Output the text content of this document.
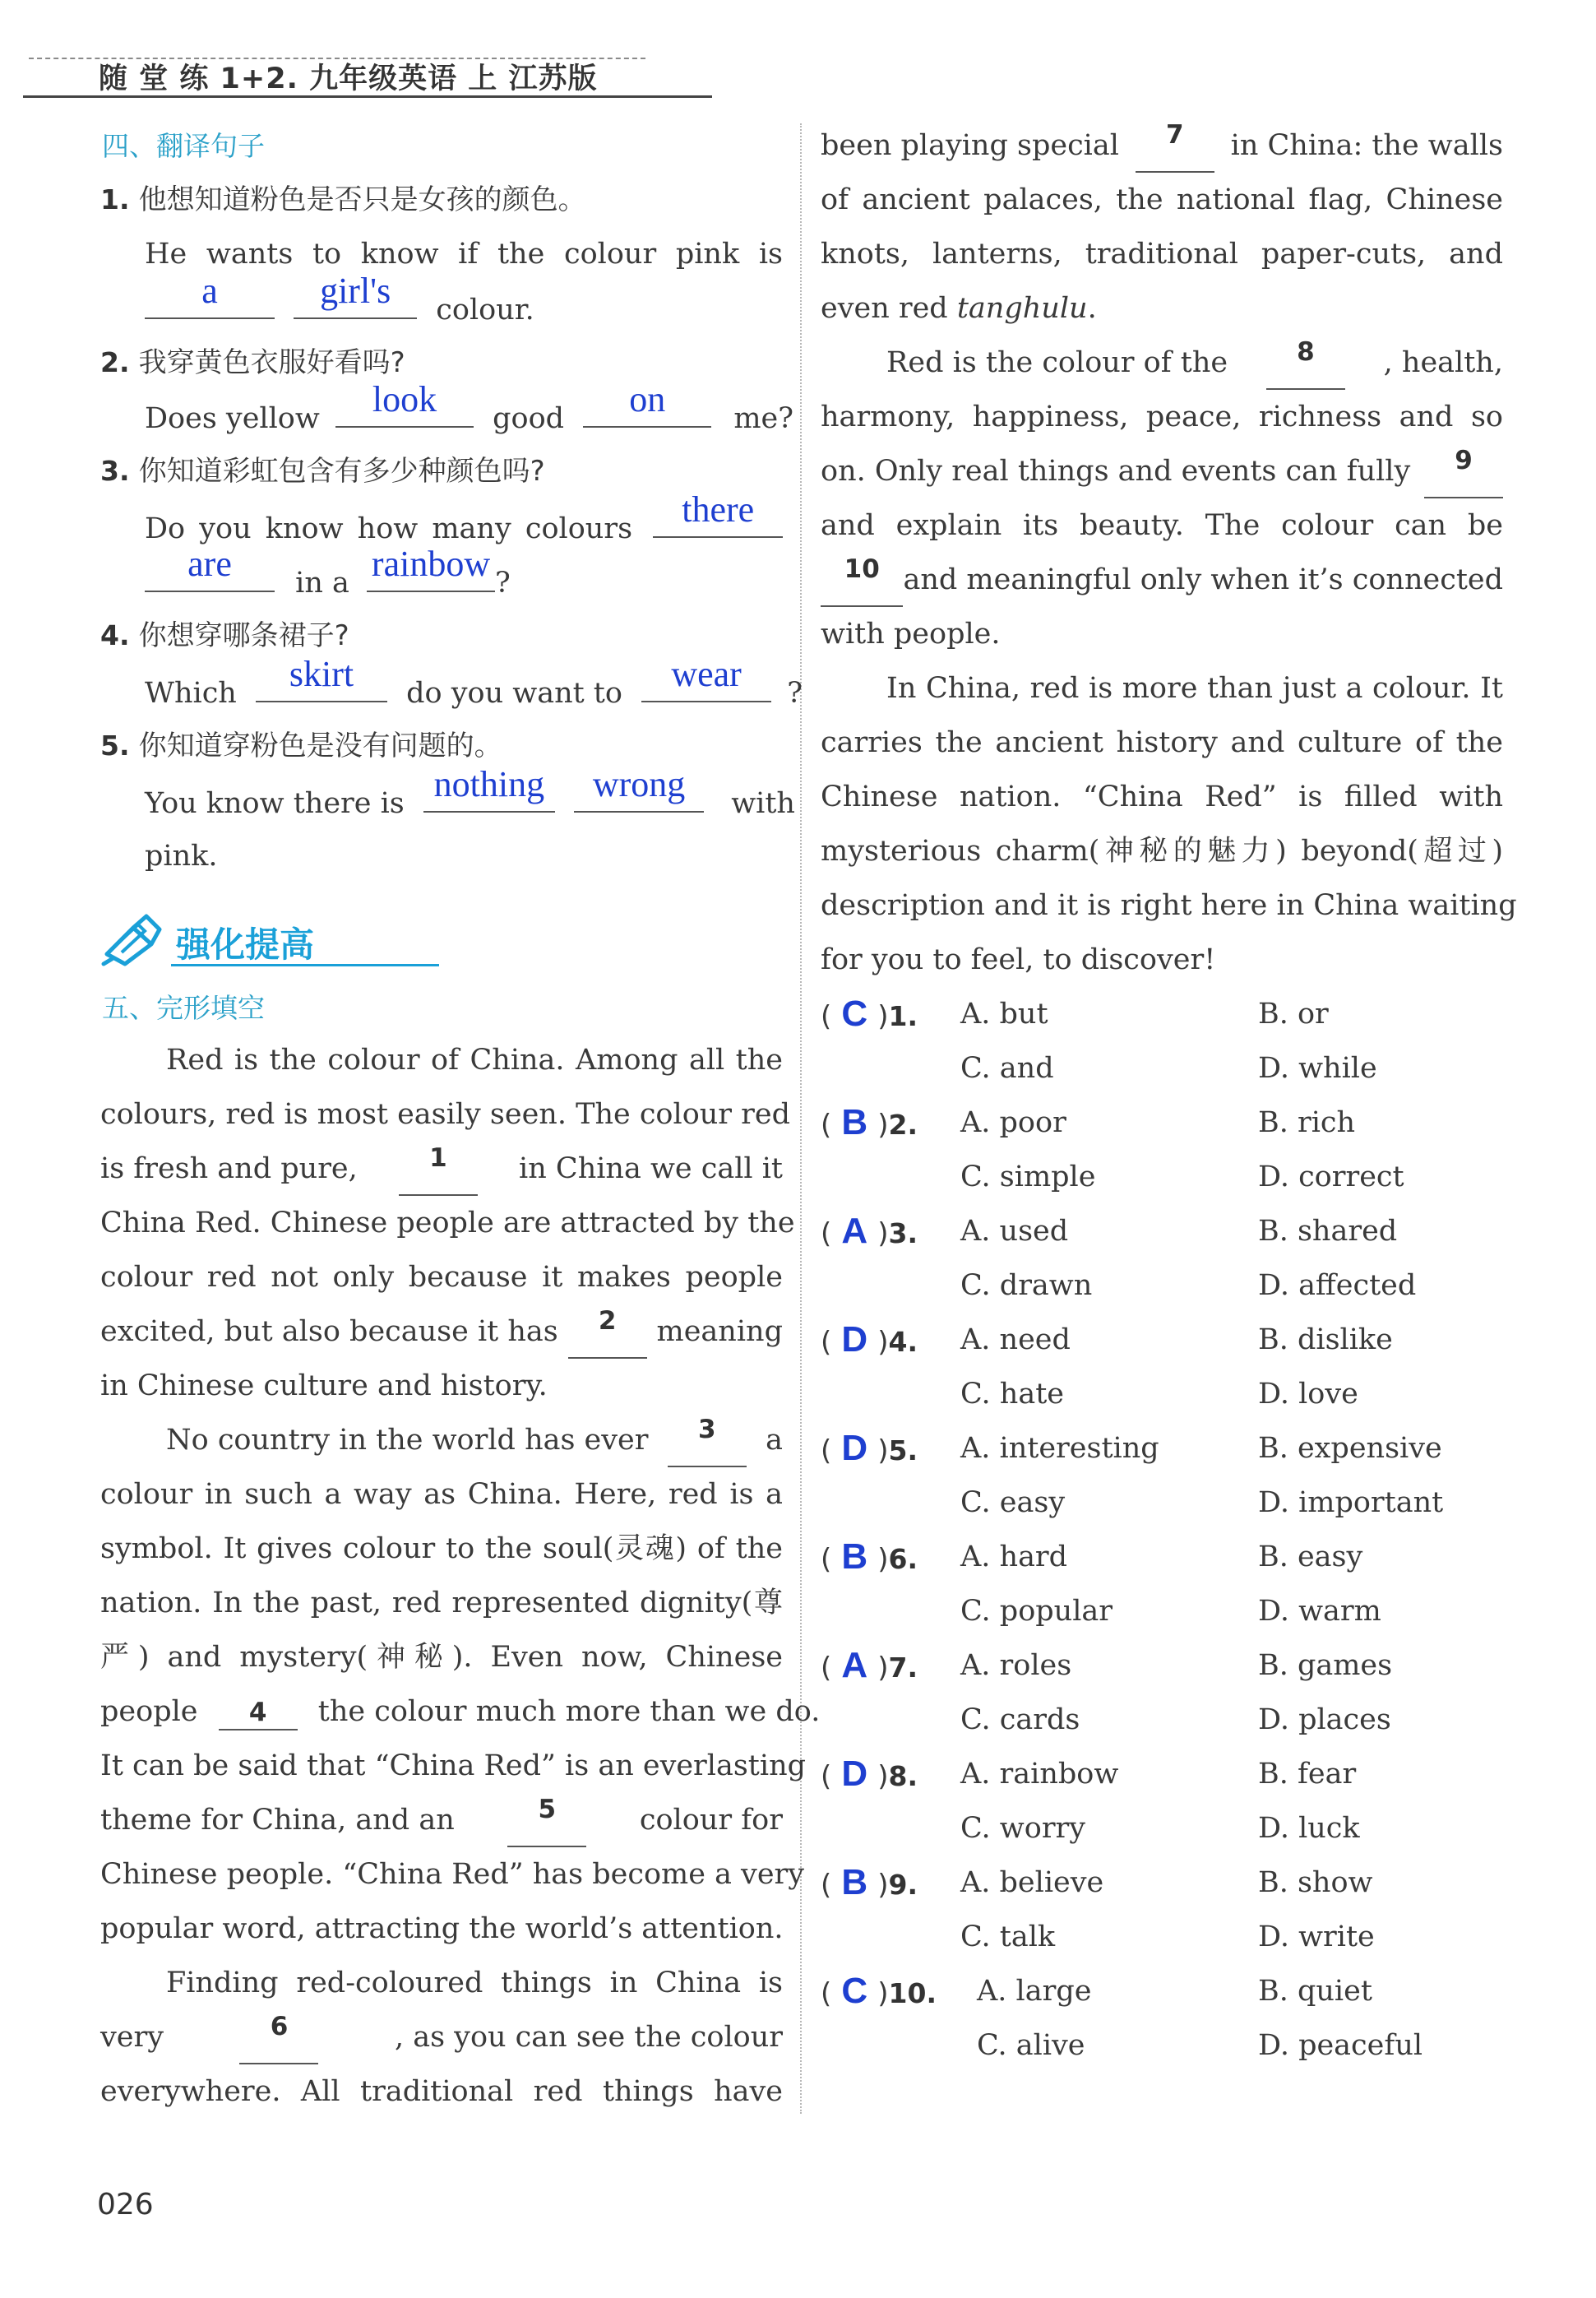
随 堂 练 1+2. 九年级英语 上 江苏版
四、翻译句子
1. 他想知道粉色是否只是女孩的颜色。
He wants to know if the colour pink is
a
	girl's	colour.
2. 我穿黄色衣服好看吗?
Does yellow	look	good	on	me?
3. 你知道彩虹包含有多少种颜色吗?
Do you know how many colours	there
are	in a rainbow ?
4. 你想穿哪条裙子?
Which	skirt	do you want to	wear	?
5. 你知道穿粉色是没有问题的。
You know there is nothing
	wrong	with
pink.
强化提高
五、完形填空
Red is the colour of China. Among all the
colours, red is most easily seen. The colour red
is fresh and pure,	1	in China we call it
China Red. Chinese people are attracted by the
colour red not only because it makes people
excited, but also because it has	2	meaning
in Chinese culture and history.
No country in the world has ever	3	a
colour in such a way as China. Here, red is a
symbol. It gives colour to the soul(灵魂) of the
nation. In the past, red represented dignity(尊
严) and mystery(神秘). Even now, Chinese
people 4 the colour much more than we do.
It can be said that “China Red” is an everlasting
theme for China, and an	5	colour for
Chinese people. “China Red” has become a very
popular word, attracting the world’s attention.
Finding red-coloured things in China is
very	6	, as you can see the colour
everywhere. All traditional red things have
been playing special	7	in China: the walls
of ancient palaces, the national flag, Chinese
knots, lanterns, traditional paper-cuts, and
even red tanghulu.
Red is the colour of the	8	, health,
harmony, happiness, peace, richness and so
on. Only real things and events can fully	9
and explain its beauty. The colour can be
10 and meaningful only when it’s connected
with people.
In China, red is more than just a colour. It
carries the ancient history and culture of the
Chinese nation. “China Red” is filled with
mysterious charm(神秘的魅力) beyond(超过)
description and it is right here in China waiting
for you to feel, to discover!
( C )1. A. but	B. or
C. and	D. while
( B )2. A. poor	B. rich
C. simple	D. correct
( A )3. A. used	B. shared
C. drawn	D. affected
( D )4. A. need	B. dislike
C. hate	D. love
( D )5. A. interesting	B. expensive
C. easy	D. important
( B )6. A. hard	B. easy
C. popular	D. warm
( A )7. A. roles	B. games
C. cards	D. places
( D )8. A. rainbow	B. fear
C. worry	D. luck
( B )9. A. believe	B. show
C. talk	D. write
( C )10. A. large	B. quiet
C. alive	D. peaceful
026
